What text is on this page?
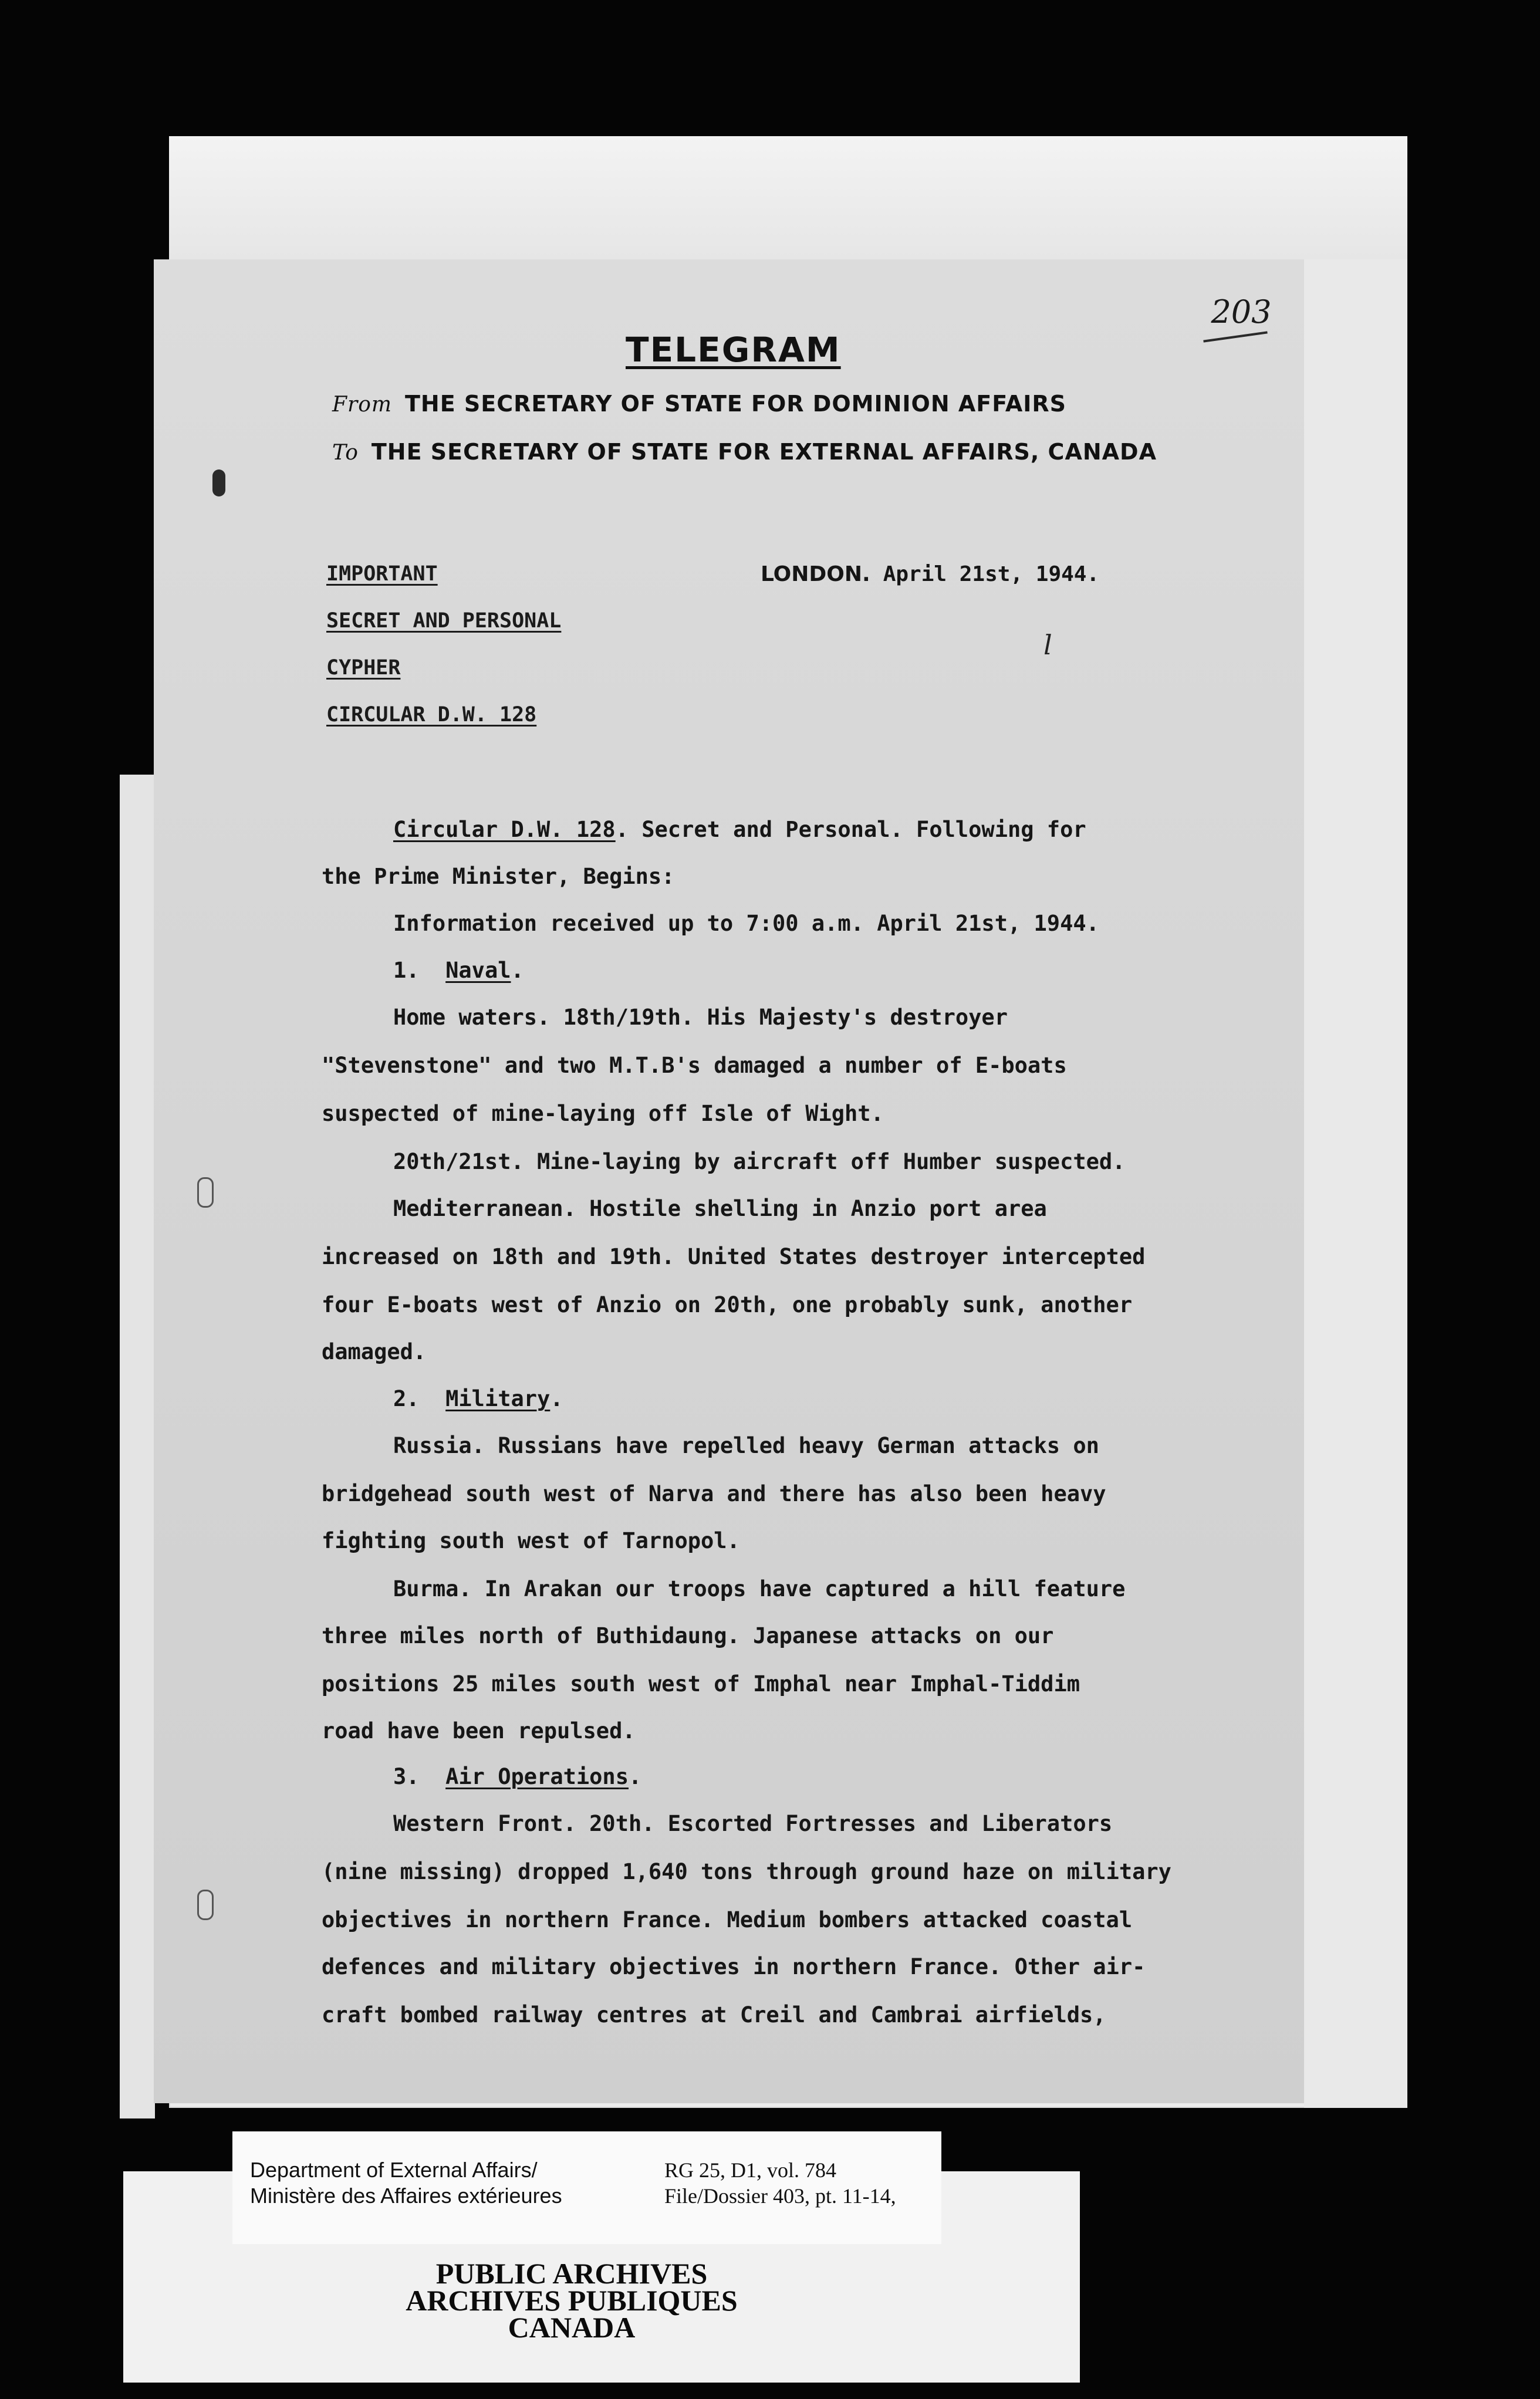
203
l
TELEGRAM
From THE SECRETARY OF STATE FOR DOMINION AFFAIRS
To THE SECRETARY OF STATE FOR EXTERNAL AFFAIRS, CANADA
IMPORTANT
SECRET AND PERSONAL
CYPHER
CIRCULAR D.W. 128
LONDON. April 21st, 1944.
Circular D.W. 128. Secret and Personal. Following for
the Prime Minister, Begins:
Information received up to 7:00 a.m. April 21st, 1944.
1. Naval.
Home waters. 18th/19th. His Majesty's destroyer
"Stevenstone" and two M.T.B's damaged a number of E-boats
suspected of mine-laying off Isle of Wight.
20th/21st. Mine-laying by aircraft off Humber suspected.
Mediterranean. Hostile shelling in Anzio port area
increased on 18th and 19th. United States destroyer intercepted
four E-boats west of Anzio on 20th, one probably sunk, another
damaged.
2. Military.
Russia. Russians have repelled heavy German attacks on
bridgehead south west of Narva and there has also been heavy
fighting south west of Tarnopol.
Burma. In Arakan our troops have captured a hill feature
three miles north of Buthidaung. Japanese attacks on our
positions 25 miles south west of Imphal near Imphal-Tiddim
road have been repulsed.
3. Air Operations.
Western Front. 20th. Escorted Fortresses and Liberators
(nine missing) dropped 1,640 tons through ground haze on military
objectives in northern France. Medium bombers attacked coastal
defences and military objectives in northern France. Other air-
craft bombed railway centres at Creil and Cambrai airfields,
PUBLIC ARCHIVES
ARCHIVES PUBLIQUES
CANADA
Department of External Affairs/
Ministère des Affaires extérieures
RG 25, D1, vol. 784
File/Dossier 403, pt. 11-14,
